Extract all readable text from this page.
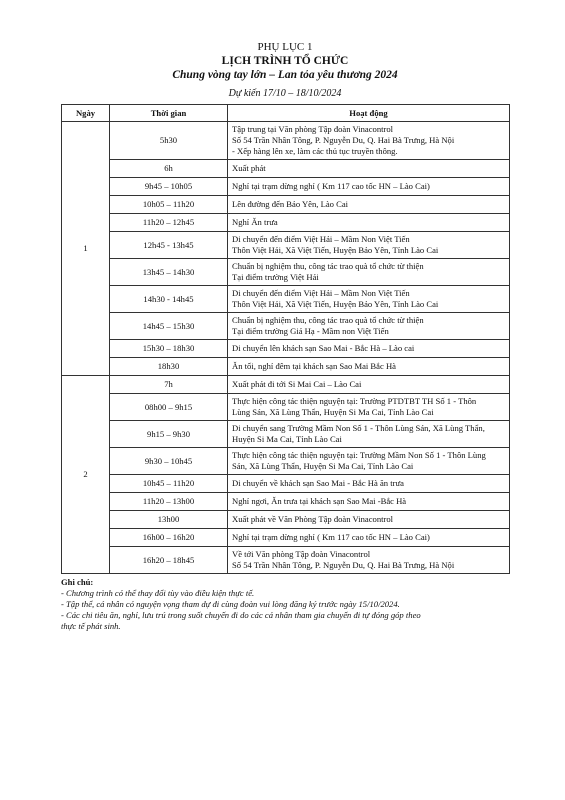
PHỤ LỤC 1
LỊCH TRÌNH TỔ CHỨC
Chung vòng tay lớn – Lan tỏa yêu thương 2024
Dự kiến 17/10 – 18/10/2024
Ngày	Thời gian	Hoạt động
1	5h30	Tập trung tại Văn phòng Tập đoàn Vinacontrol
Số 54 Trần Nhân Tông, P. Nguyễn Du, Q. Hai Bà Trưng, Hà Nội
- Xếp hàng lên xe, làm các thủ tục truyền thông.

	6h	Xuất phát

	9h45 – 10h05	Nghỉ tại trạm dừng nghỉ ( Km 117 cao tốc HN – Lào Cai)

	10h05 – 11h20	Lên đường đến Bảo Yên, Lào Cai

	11h20 – 12h45	Nghỉ Ăn trưa

	12h45 - 13h45	Di chuyển đến điểm Việt Hải – Mầm Non Việt Tiến
Thôn Việt Hải, Xã Việt Tiến, Huyện Bảo Yên, Tỉnh Lào Cai

	13h45 – 14h30	Chuẩn bị nghiệm thu, công tác trao quà tổ chức từ thiện
Tại điểm trường Việt Hải

	14h30 - 14h45	Di chuyển đến điểm Việt Hải – Mầm Non Việt Tiến
Thôn Việt Hải, Xã Việt Tiến, Huyện Bảo Yên, Tỉnh Lào Cai

	14h45 – 15h30	Chuẩn bị nghiệm thu, công tác trao quà tổ chức từ thiện
Tại điểm trường Giả Hạ - Mầm non Việt Tiến

	15h30 – 18h30	Di chuyển lên khách sạn Sao Mai - Bắc Hà – Lào cai

	18h30	Ăn tối, nghỉ đêm tại khách sạn Sao Mai Bắc Hà

2	7h	Xuất phát đi tới Si Mai Cai – Lào Cai

	08h00 – 9h15	Thực hiện công tác thiện nguyện tại: Trường PTDTBT TH Số 1 - Thôn
Lùng Sán, Xã Lùng Thẩn, Huyện Si Ma Cai, Tỉnh Lào Cai

	9h15 – 9h30	Di chuyển sang Trường Mầm Non Số 1 - Thôn Lùng Sán, Xã Lùng Thẩn,
Huyện Si Ma Cai, Tỉnh Lào Cai

	9h30 – 10h45	Thực hiện công tác thiện nguyện tại: Trường Mầm Non Số 1 - Thôn Lùng
Sán, Xã Lùng Thẩn, Huyện Si Ma Cai, Tỉnh Lào Cai

	10h45 – 11h20	Di chuyển về khách sạn Sao Mai - Bắc Hà ăn trưa

	11h20 – 13h00	Nghỉ ngơi, Ăn trưa tại khách sạn Sao Mai -Bắc Hà

	13h00	Xuất phát về Văn Phòng Tập đoàn Vinacontrol

	16h00 – 16h20	Nghỉ tại trạm dừng nghỉ ( Km 117 cao tốc HN – Lào Cai)

	16h20 – 18h45	Về tới Văn phòng Tập đoàn Vinacontrol
Số 54 Trần Nhân Tông, P. Nguyễn Du, Q. Hai Bà Trưng, Hà Nội
Ghi chú:
- Chương trình có thể thay đổi tùy vào điều kiện thực tế.
- Tập thể, cá nhân có nguyện vọng tham dự đi cùng đoàn vui lòng đăng ký trước ngày 15/10/2024.
- Các chi tiêu ăn, nghỉ, lưu trú trong suốt chuyến đi do các cá nhân tham gia chuyến đi tự đóng góp theo
thực tế phát sinh.
